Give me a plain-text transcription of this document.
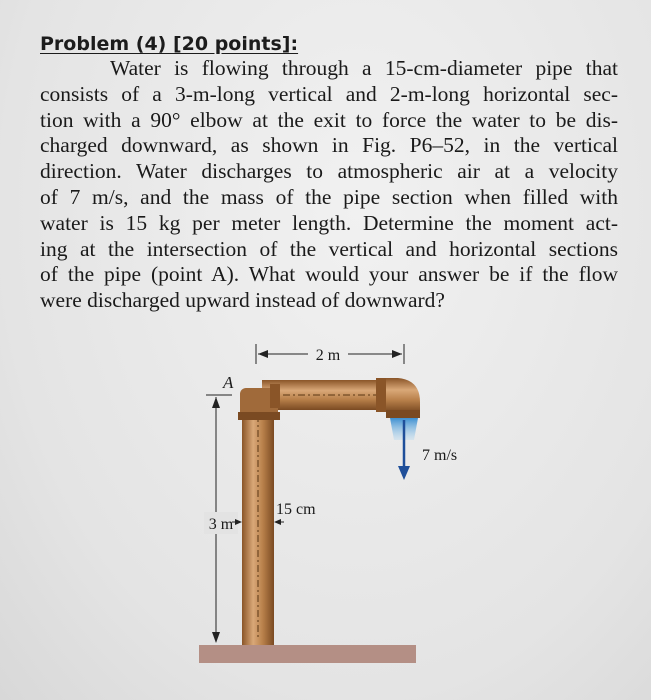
Problem (4) [20 points]:
Water is flowing through a 15-cm-diameter pipe that
consists of a 3-m-long vertical and 2-m-long horizontal sec-
tion with a 90° elbow at the exit to force the water to be dis-
charged downward, as shown in Fig. P6–52, in the vertical
direction. Water discharges to atmospheric air at a velocity
of 7 m/s, and the mass of the pipe section when filled with
water is 15 kg per meter length. Determine the moment act-
ing at the intersection of the vertical and horizontal sections
of the pipe (point A). What would your answer be if the flow
were discharged upward instead of downward?
2 m
A
3 m
15 cm
7 m/s
